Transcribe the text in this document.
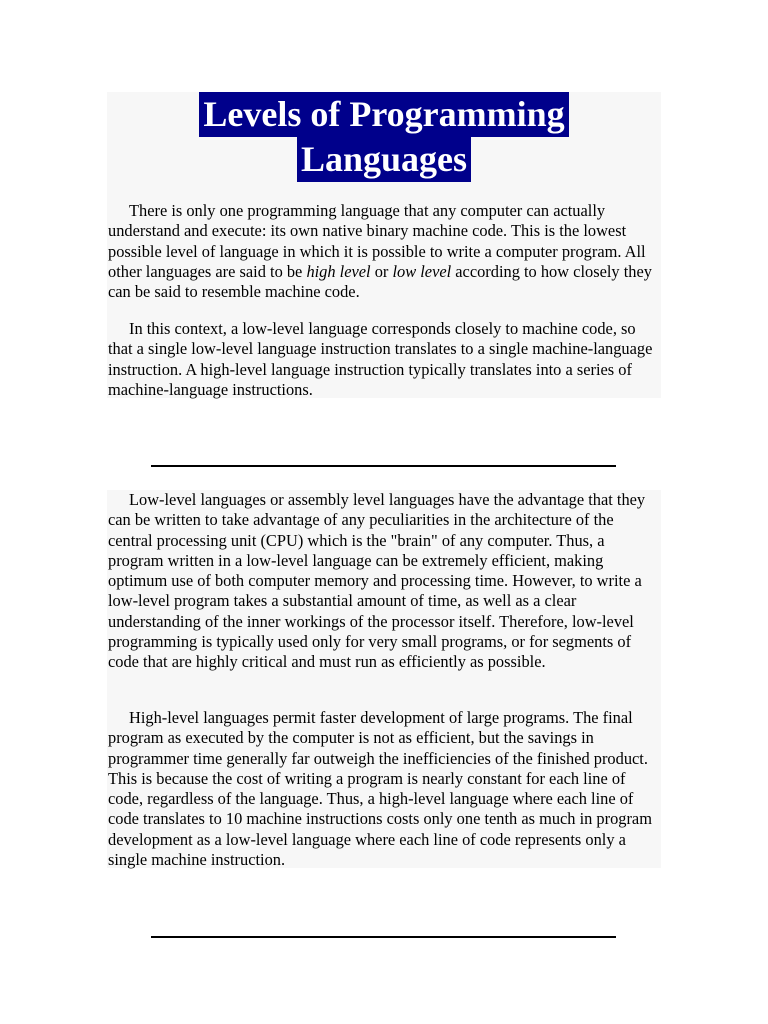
Levels of Programming
Languages

There is only one programming language that any computer can actually understand and execute: its own native binary machine code. This is the lowest possible level of language in which it is possible to write a computer program. All other languages are said to be high level or low level according to how closely they can be said to resemble machine code.

In this context, a low-level language corresponds closely to machine code, so that a single low-level language instruction translates to a single machine-language instruction. A high-level language instruction typically translates into a series of machine-language instructions.

Low-level languages or assembly level languages have the advantage that they can be written to take advantage of any peculiarities in the architecture of the central processing unit (CPU) which is the "brain" of any computer. Thus, a program written in a low-level language can be extremely efficient, making optimum use of both computer memory and processing time. However, to write a low-level program takes a substantial amount of time, as well as a clear understanding of the inner workings of the processor itself. Therefore, low-level programming is typically used only for very small programs, or for segments of code that are highly critical and must run as efficiently as possible.

High-level languages permit faster development of large programs. The final program as executed by the computer is not as efficient, but the savings in programmer time generally far outweigh the inefficiencies of the finished product. This is because the cost of writing a program is nearly constant for each line of code, regardless of the language. Thus, a high-level language where each line of code translates to 10 machine instructions costs only one tenth as much in program development as a low-level language where each line of code represents only a single machine instruction.
